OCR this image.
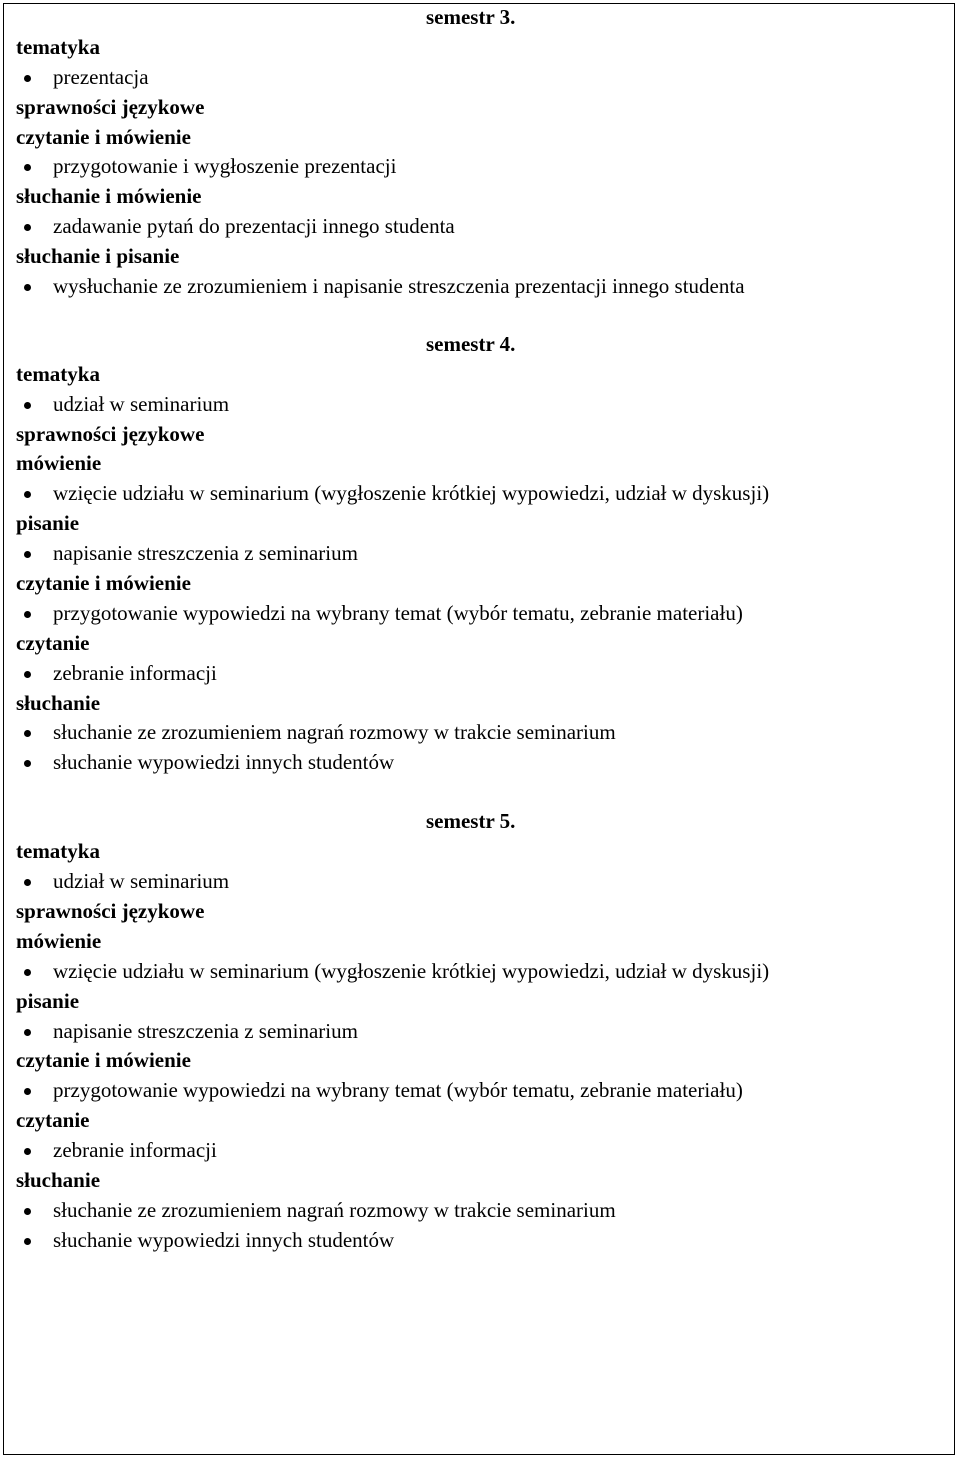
semestr 3.
tematyka
prezentacja
sprawności językowe
czytanie i mówienie
przygotowanie i wygłoszenie prezentacji
słuchanie i mówienie
zadawanie pytań do prezentacji innego studenta
słuchanie i pisanie
wysłuchanie ze zrozumieniem i napisanie streszczenia prezentacji innego studenta
semestr 4.
tematyka
udział w seminarium
sprawności językowe
mówienie
wzięcie udziału w seminarium (wygłoszenie krótkiej wypowiedzi, udział w dyskusji)
pisanie
napisanie streszczenia z seminarium
czytanie i mówienie
przygotowanie wypowiedzi na wybrany temat (wybór tematu, zebranie materiału)
czytanie
zebranie informacji
słuchanie
słuchanie ze zrozumieniem nagrań rozmowy w trakcie seminarium
słuchanie wypowiedzi innych studentów
semestr 5.
tematyka
udział w seminarium
sprawności językowe
mówienie
wzięcie udziału w seminarium (wygłoszenie krótkiej wypowiedzi, udział w dyskusji)
pisanie
napisanie streszczenia z seminarium
czytanie i mówienie
przygotowanie wypowiedzi na wybrany temat (wybór tematu, zebranie materiału)
czytanie
zebranie informacji
słuchanie
słuchanie ze zrozumieniem nagrań rozmowy w trakcie seminarium
słuchanie wypowiedzi innych studentów
